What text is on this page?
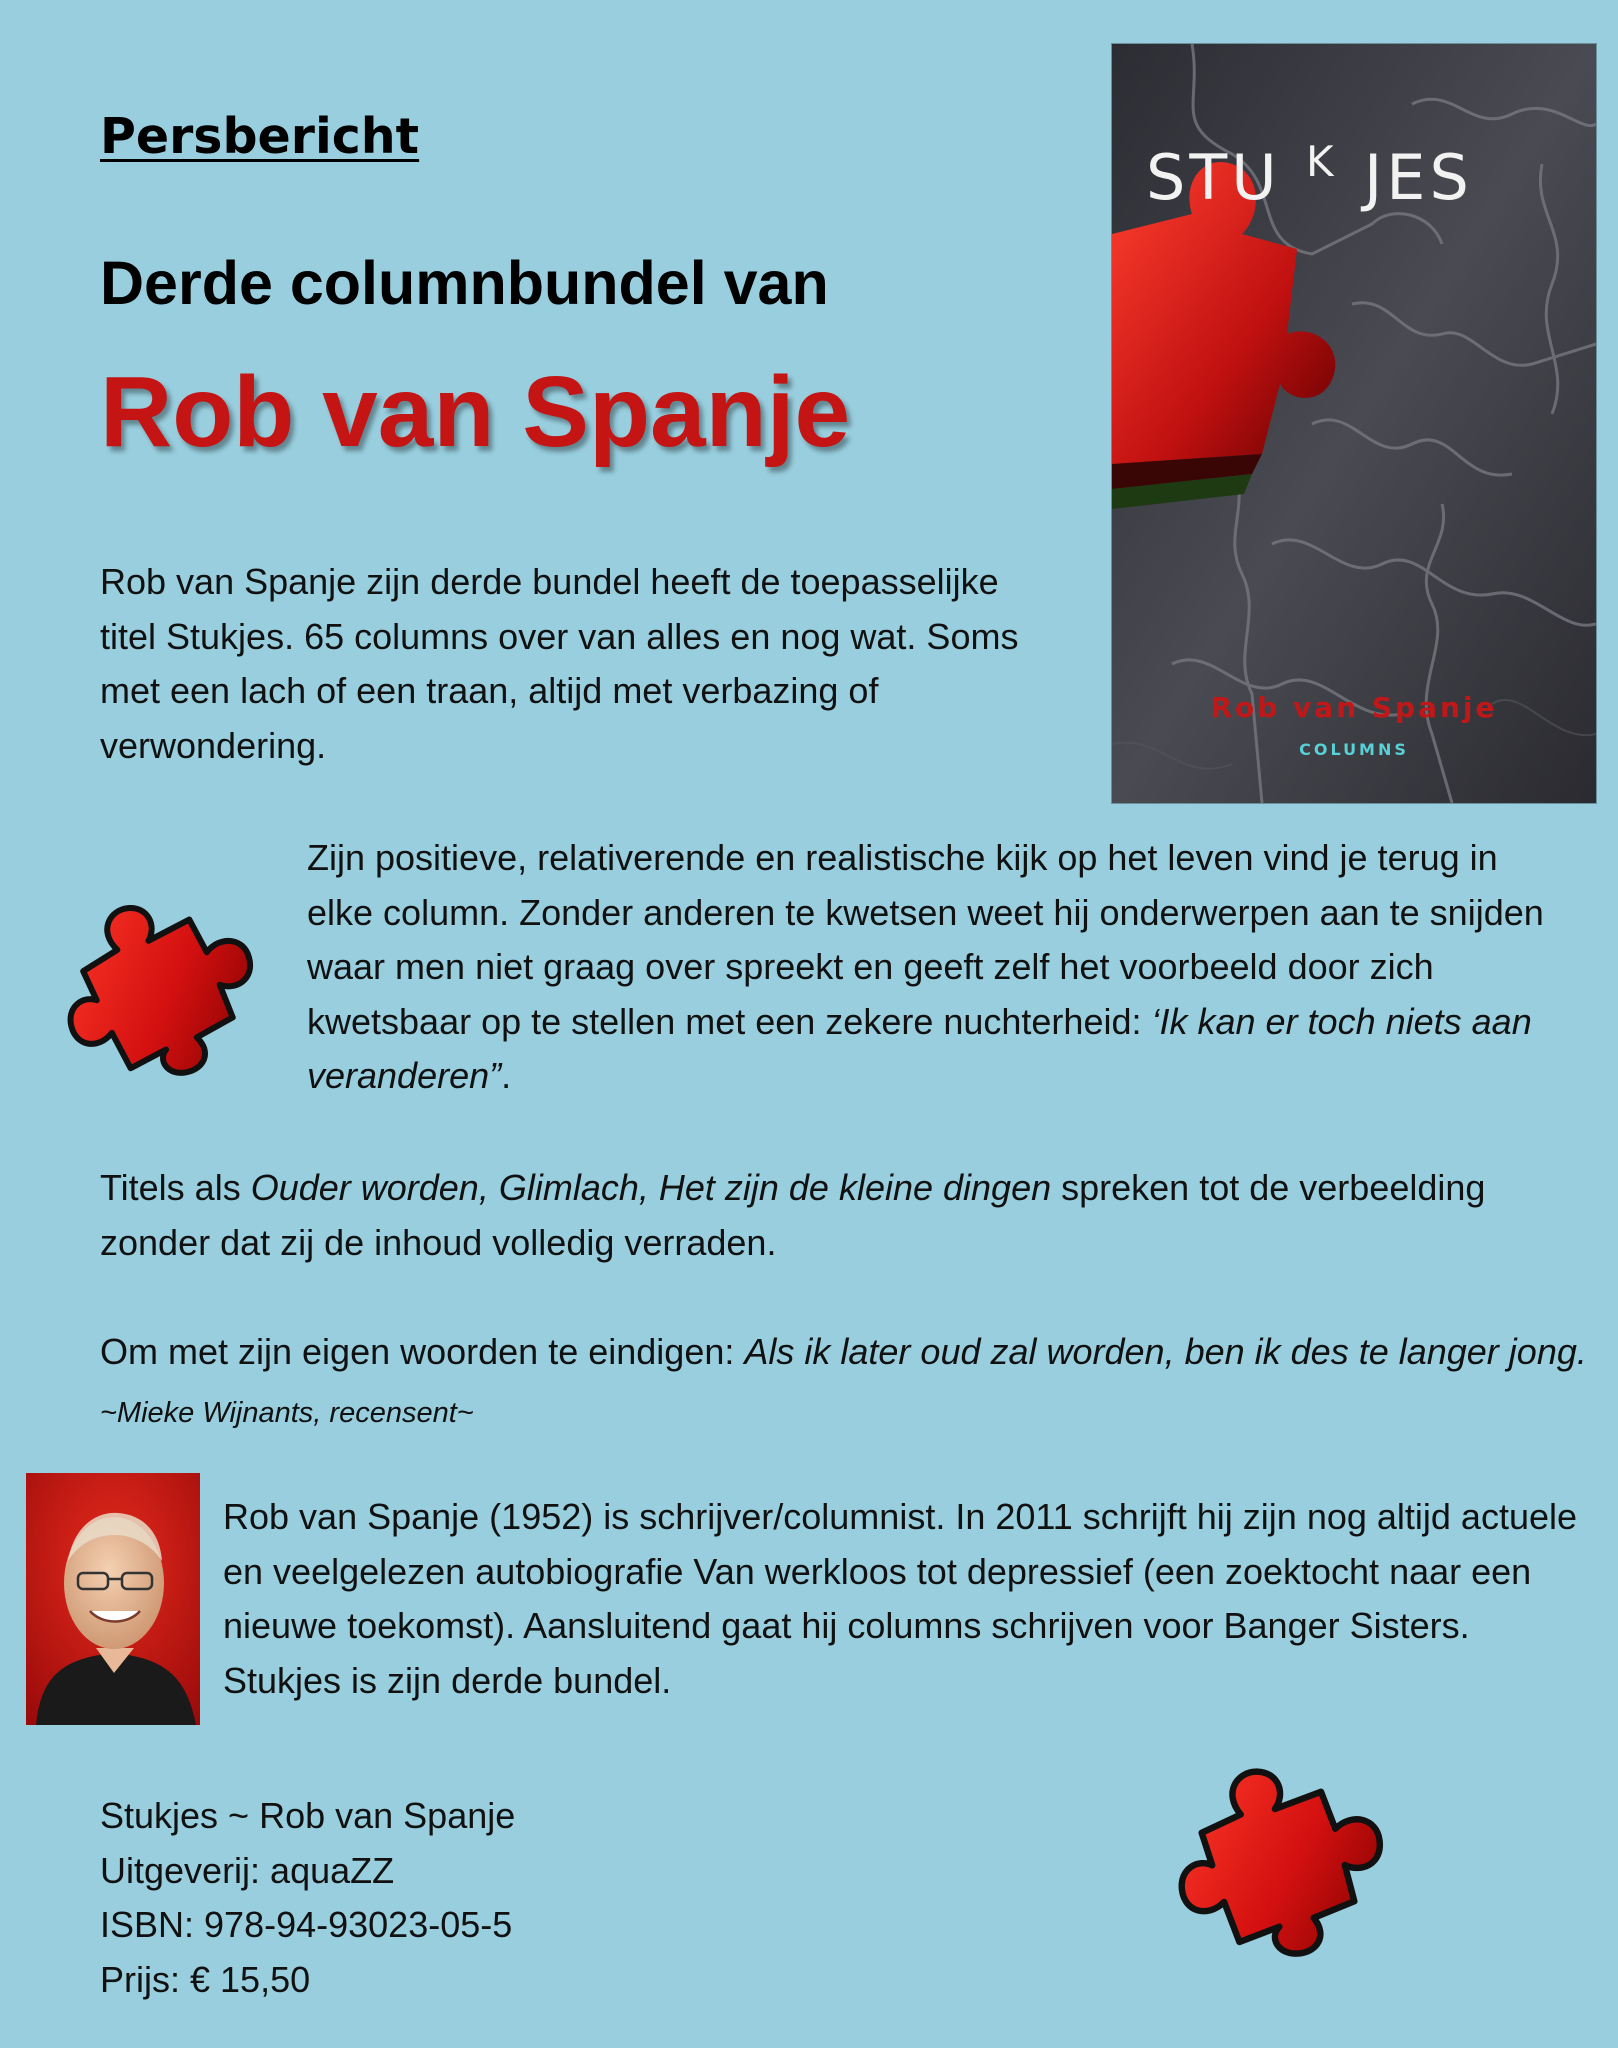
Persbericht
Derde columnbundel van
Rob van Spanje
STU K JES
Rob van Spanje
COLUMNS
Rob van Spanje zijn derde bundel heeft de toepasselijke titel Stukjes. 65 columns over van alles en nog wat. Soms met een lach of een traan, altijd met verbazing of verwondering.
Zijn positieve, relativerende en realistische kijk op het leven vind je terug in elke column. Zonder anderen te kwetsen weet hij onderwerpen aan te snijden waar men niet graag over spreekt en geeft zelf het voorbeeld door zich kwetsbaar op te stellen met een zekere nuchterheid: ‘Ik kan er toch niets aan veranderen”.
Titels als Ouder worden, Glimlach, Het zijn de kleine dingen spreken tot de verbeelding zonder dat zij de inhoud volledig verraden.
Om met zijn eigen woorden te eindigen: Als ik later oud zal worden, ben ik des te langer jong. ~Mieke Wijnants, recensent~
Rob van Spanje (1952) is schrijver/columnist. In 2011 schrijft hij zijn nog altijd actuele en veelgelezen autobiografie Van werkloos tot depressief (een zoektocht naar een nieuwe toekomst). Aansluitend gaat hij columns schrijven voor Banger Sisters. Stukjes is zijn derde bundel.
Stukjes ~ Rob van Spanje
Uitgeverij: aquaZZ
ISBN: 978-94-93023-05-5
Prijs: € 15,50
